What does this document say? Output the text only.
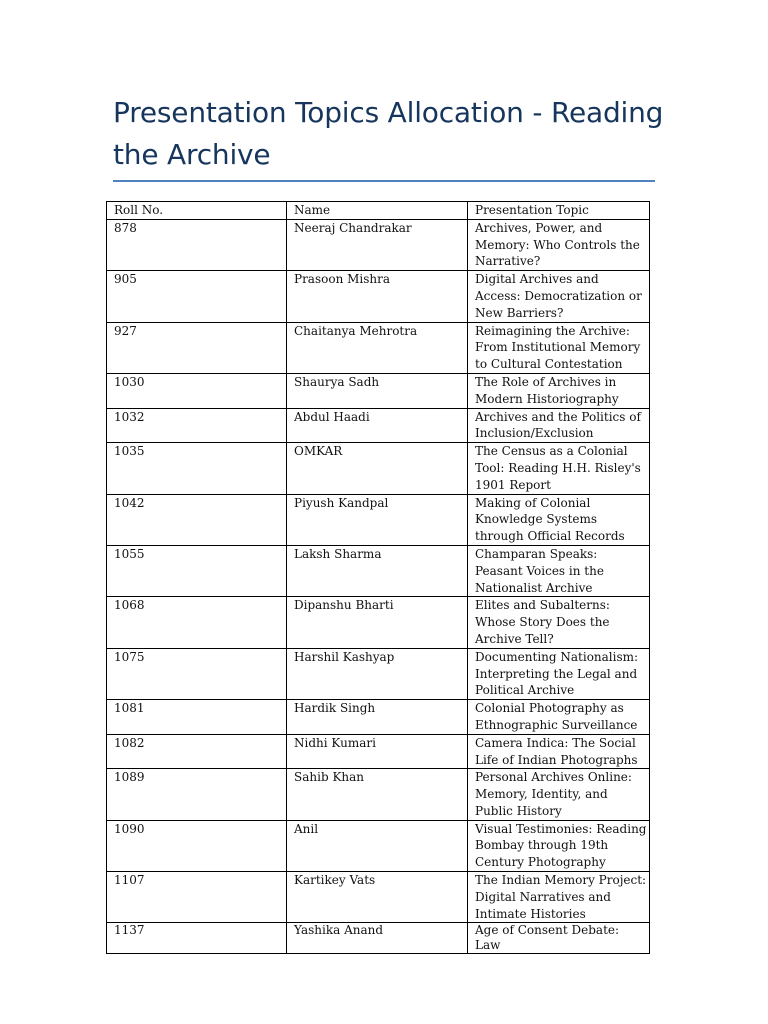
Presentation Topics Allocation - Reading the Archive
Roll No.	Name	Presentation Topic
878	Neeraj Chandrakar	Archives, Power, and Memory: Who Controls the Narrative?
905	Prasoon Mishra	Digital Archives and Access: Democratization or New Barriers?
927	Chaitanya Mehrotra	Reimagining the Archive: From Institutional Memory to Cultural Contestation
1030	Shaurya Sadh	The Role of Archives in Modern Historiography
1032	Abdul Haadi	Archives and the Politics of Inclusion/Exclusion
1035	OMKAR	The Census as a Colonial Tool: Reading H.H. Risley's 1901 Report
1042	Piyush Kandpal	Making of Colonial Knowledge Systems through Official Records
1055	Laksh Sharma	Champaran Speaks: Peasant Voices in the Nationalist Archive
1068	Dipanshu Bharti	Elites and Subalterns: Whose Story Does the Archive Tell?
1075	Harshil Kashyap	Documenting Nationalism: Interpreting the Legal and Political Archive
1081	Hardik Singh	Colonial Photography as Ethnographic Surveillance
1082	Nidhi Kumari	Camera Indica: The Social Life of Indian Photographs
1089	Sahib Khan	Personal Archives Online: Memory, Identity, and Public History
1090	Anil	Visual Testimonies: Reading Bombay through 19th Century Photography
1107	Kartikey Vats	The Indian Memory Project: Digital Narratives and Intimate Histories
1137	Yashika Anand	Age of Consent Debate: Law
